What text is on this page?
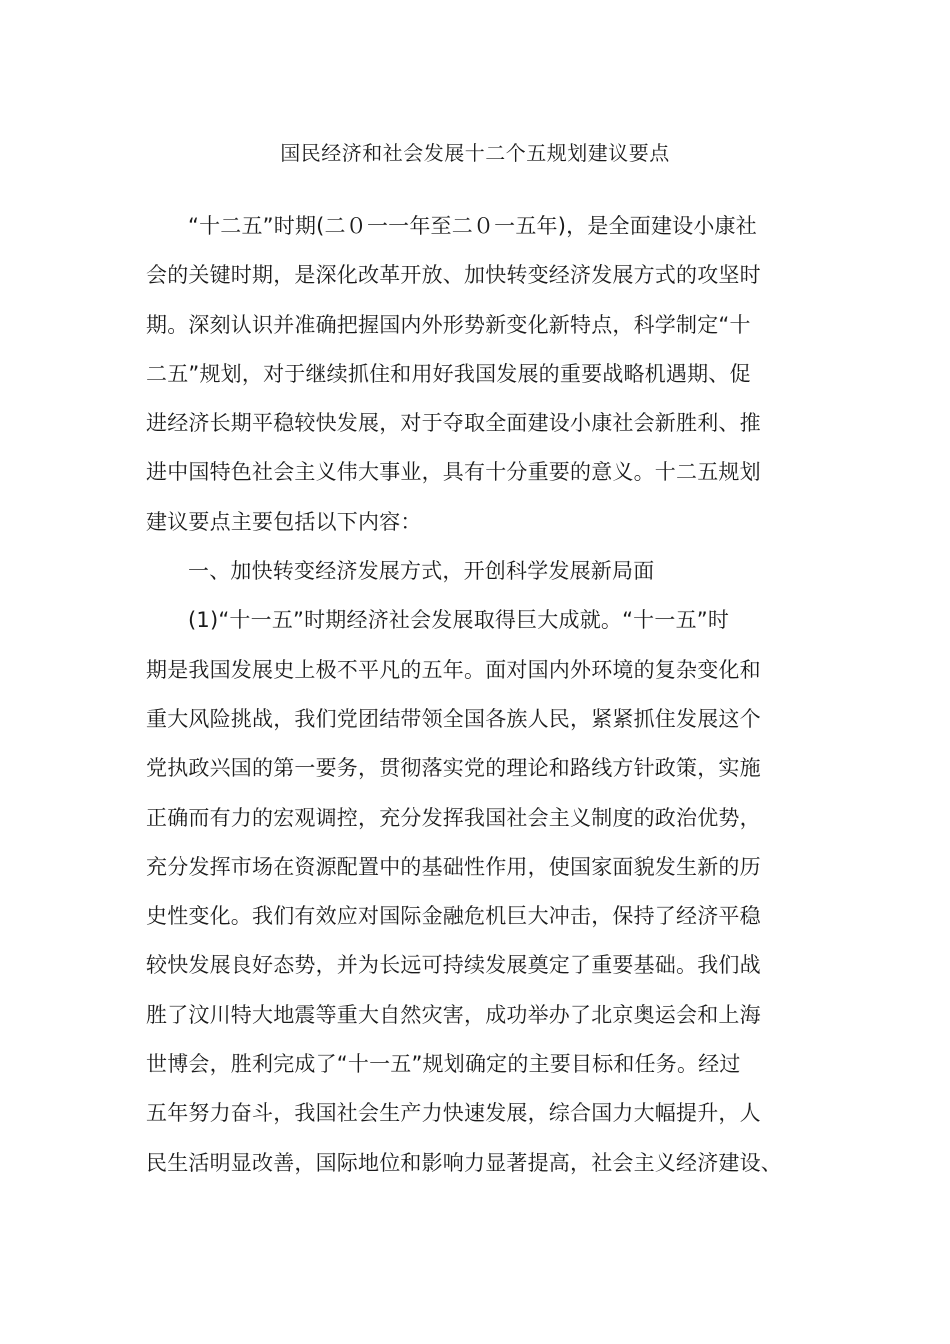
国民经济和社会发展十二个五规划建议要点
“十二五”时期(二０一一年至二０一五年)，是全面建设小康社
会的关键时期，是深化改革开放、加快转变经济发展方式的攻坚时
期。深刻认识并准确把握国内外形势新变化新特点，科学制定“十
二五”规划，对于继续抓住和用好我国发展的重要战略机遇期、促
进经济长期平稳较快发展，对于夺取全面建设小康社会新胜利、推
进中国特色社会主义伟大事业，具有十分重要的意义。十二五规划
建议要点主要包括以下内容：
一、加快转变经济发展方式，开创科学发展新局面
(1)“十一五”时期经济社会发展取得巨大成就。“十一五”时
期是我国发展史上极不平凡的五年。面对国内外环境的复杂变化和
重大风险挑战，我们党团结带领全国各族人民，紧紧抓住发展这个
党执政兴国的第一要务，贯彻落实党的理论和路线方针政策，实施
正确而有力的宏观调控，充分发挥我国社会主义制度的政治优势，
充分发挥市场在资源配置中的基础性作用，使国家面貌发生新的历
史性变化。我们有效应对国际金融危机巨大冲击，保持了经济平稳
较快发展良好态势，并为长远可持续发展奠定了重要基础。我们战
胜了汶川特大地震等重大自然灾害，成功举办了北京奥运会和上海
世博会，胜利完成了“十一五”规划确定的主要目标和任务。经过
五年努力奋斗，我国社会生产力快速发展，综合国力大幅提升，人
民生活明显改善，国际地位和影响力显著提高，社会主义经济建设、
